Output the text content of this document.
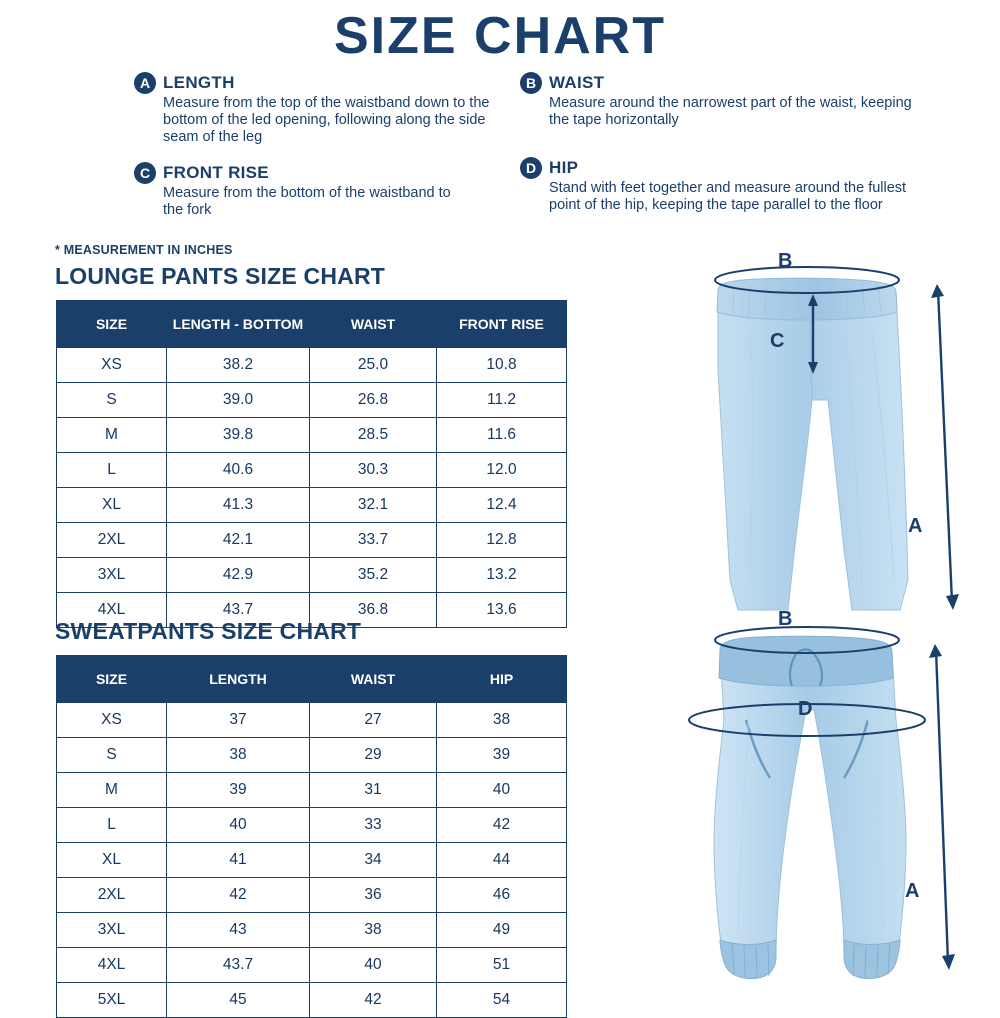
SIZE CHART
A LENGTH
Measure from the top of the waistband down to the bottom of the led opening, following along the side seam of the leg
B WAIST
Measure around the narrowest part of the waist, keeping the tape horizontally
C FRONT RISE
Measure from the bottom of the waistband to the fork
D HIP
Stand with feet together and measure around the fullest point of the hip, keeping the tape parallel to the floor
* MEASUREMENT IN INCHES
LOUNGE PANTS SIZE CHART
SIZE	LENGTH - BOTTOM	WAIST	FRONT RISE
XS	38.2	25.0	10.8
S	39.0	26.8	11.2
M	39.8	28.5	11.6
L	40.6	30.3	12.0
XL	41.3	32.1	12.4
2XL	42.1	33.7	12.8
3XL	42.9	35.2	13.2
4XL	43.7	36.8	13.6
SWEATPANTS SIZE CHART
SIZE	LENGTH	WAIST	HIP
XS	37	27	38
S	38	29	39
M	39	31	40
L	40	33	42
XL	41	34	44
2XL	42	36	46
3XL	43	38	49
4XL	43.7	40	51
5XL	45	42	54
B
C
A
B
D
A
